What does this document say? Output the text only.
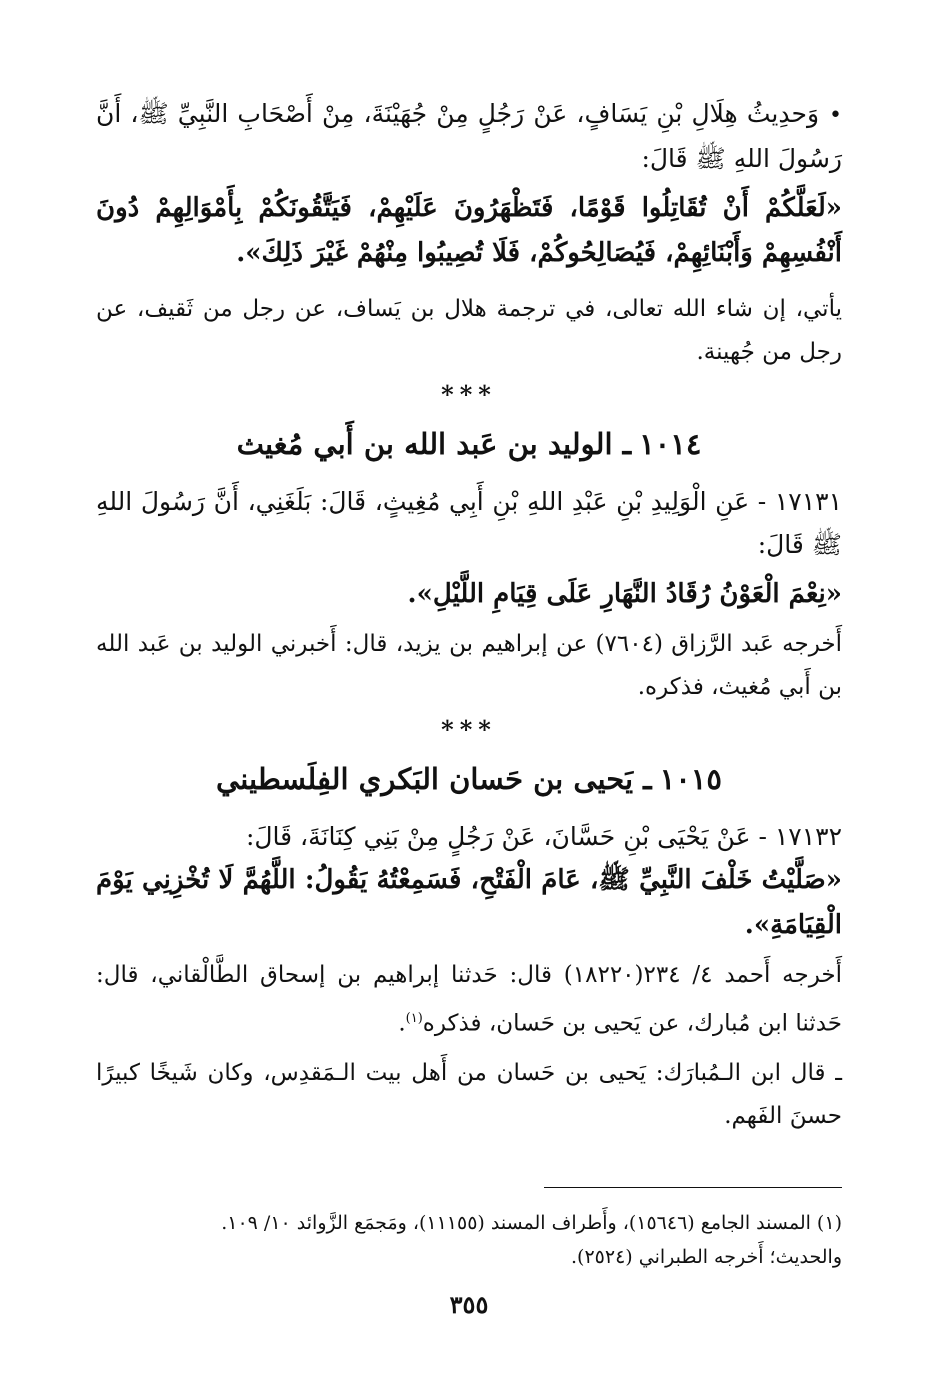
•وَحدِيثُ هِلَالِ بْنِ يَسَافٍ، عَنْ رَجُلٍ مِنْ جُهَيْنَةَ، مِنْ أَصْحَابِ النَّبِيِّ ﷺ، أَنَّ رَسُولَ اللهِ ﷺ قَالَ:

«لَعَلَّكُمْ أَنْ تُقَاتِلُوا قَوْمًا، فَتَظْهَرُونَ عَلَيْهِمْ، فَيَتَّقُونَكُمْ بِأَمْوَالِهِمْ دُونَ أَنْفُسِهِمْ وَأَبْنَائِهِمْ، فَيُصَالِحُوكُمْ، فَلَا تُصِيبُوا مِنْهُمْ غَيْرَ ذَلِكَ».

يأتي، إن شاء الله تعالى، في ترجمة هلال بن يَساف، عن رجل من ثَقيف، عن رجل من جُهينة.

***
١٠١٤ـ الوليد بن عَبد الله بن أَبي مُغيث

١٧١٣١ - عَنِ الْوَلِيدِ بْنِ عَبْدِ اللهِ بْنِ أَبِي مُغِيثٍ، قَالَ: بَلَغَنِي، أَنَّ رَسُولَ اللهِ ﷺ قَالَ:

«نِعْمَ الْعَوْنُ رُقَادُ النَّهَارِ عَلَى قِيَامِ اللَّيْلِ».

أَخرجه عَبد الرَّزاق (٧٦٠٤) عن إبراهيم بن يزيد، قال: أَخبرني الوليد بن عَبد الله بن أَبي مُغيث، فذكره.

***
١٠١٥ـ يَحيى بن حَسان البَكري الفِلَسطيني

١٧١٣٢ - عَنْ يَحْيَى بْنِ حَسَّانَ، عَنْ رَجُلٍ مِنْ بَنِي كِنَانَةَ، قَالَ:

«صَلَّيْتُ خَلْفَ النَّبِيِّ ﷺ، عَامَ الْفَتْحِ، فَسَمِعْتُهُ يَقُولُ: اللَّهُمَّ لَا تُخْزِنِي يَوْمَ الْقِيَامَةِ».

أَخرجه أَحمد ٤/ ٢٣٤(١٨٢٢٠) قال: حَدثنا إبراهيم بن إسحاق الطَّالْقاني، قال: حَدثنا ابن مُبارك، عن يَحيى بن حَسان، فذكره$^{(١)}$.

ـ قال ابن الـمُبارَك: يَحيى بن حَسان من أَهل بيت الـمَقدِس، وكان شَيخًا كبيرًا حسنَ الفَهم.

(١) المسند الجامع (١٥٦٤٦)، وأَطراف المسند (١١١٥٥)، ومَجمَع الزَّوائد ١٠/ ١٠٩.

والحديث؛ أَخرجه الطبراني (٢٥٢٤).

٣٥٥
